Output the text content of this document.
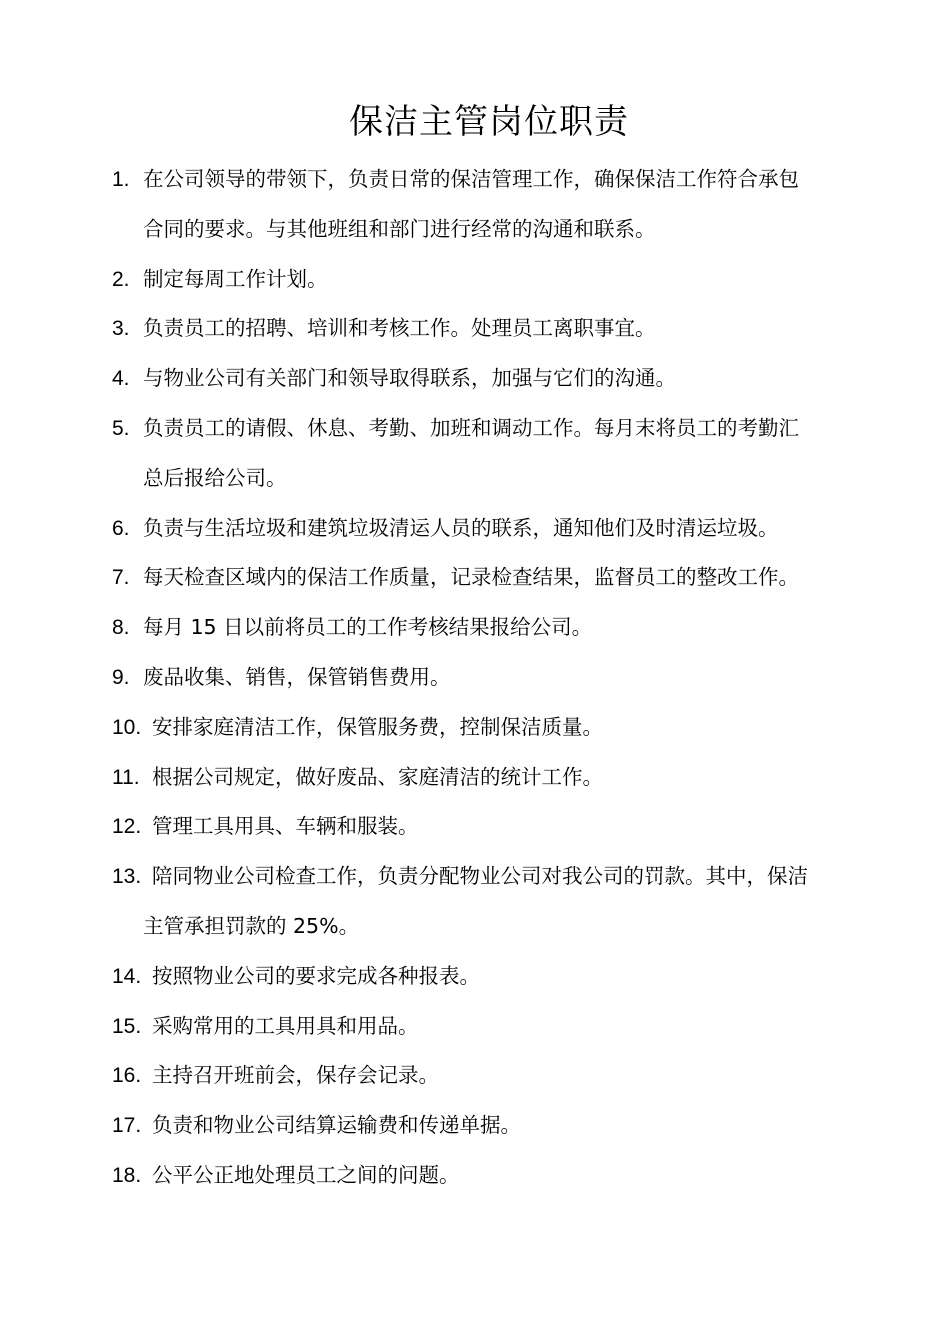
保洁主管岗位职责
1. 在公司领导的带领下，负责日常的保洁管理工作，确保保洁工作符合承包
合同的要求。与其他班组和部门进行经常的沟通和联系。
2. 制定每周工作计划。
3. 负责员工的招聘、培训和考核工作。处理员工离职事宜。
4. 与物业公司有关部门和领导取得联系，加强与它们的沟通。
5. 负责员工的请假、休息、考勤、加班和调动工作。每月末将员工的考勤汇
总后报给公司。
6. 负责与生活垃圾和建筑垃圾清运人员的联系，通知他们及时清运垃圾。
7. 每天检查区域内的保洁工作质量，记录检查结果，监督员工的整改工作。
8. 每月 15 日以前将员工的工作考核结果报给公司。
9. 废品收集、销售，保管销售费用。
10. 安排家庭清洁工作，保管服务费，控制保洁质量。
11. 根据公司规定，做好废品、家庭清洁的统计工作。
12. 管理工具用具、车辆和服装。
13. 陪同物业公司检查工作，负责分配物业公司对我公司的罚款。其中，保洁
主管承担罚款的 25%。
14. 按照物业公司的要求完成各种报表。
15. 采购常用的工具用具和用品。
16. 主持召开班前会，保存会记录。
17. 负责和物业公司结算运输费和传递单据。
18. 公平公正地处理员工之间的问题。
